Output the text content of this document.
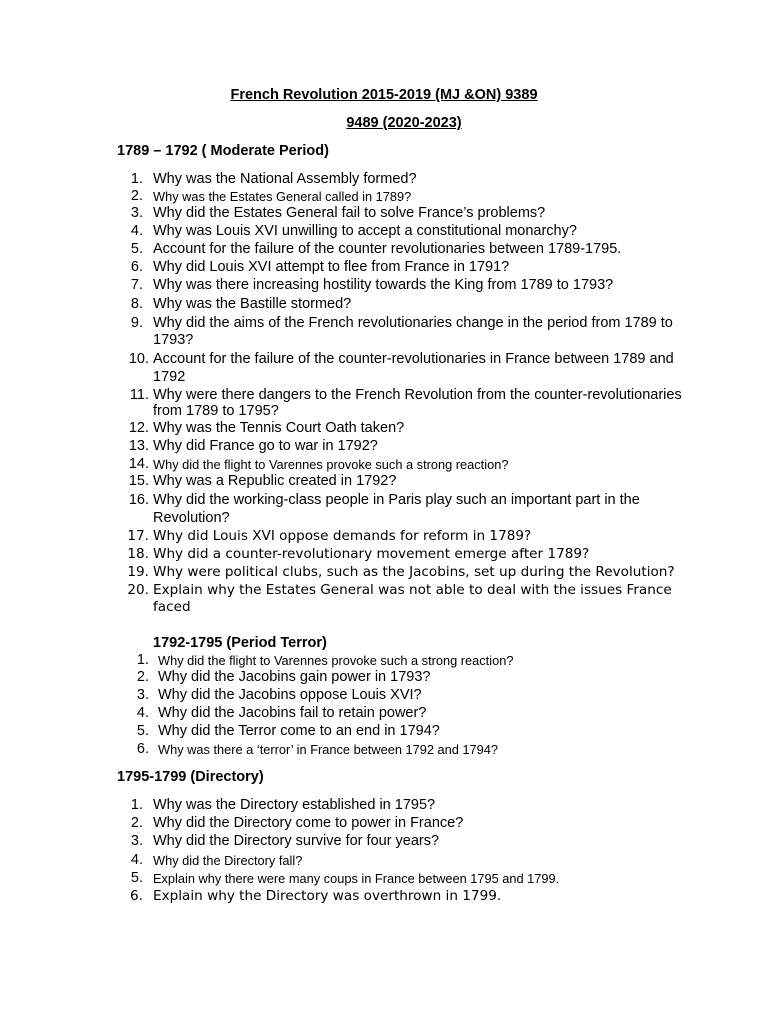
French Revolution 2015-2019 (MJ &ON) 9389
9489 (2020-2023)
1789 – 1792 ( Moderate Period)
1. Why was the National Assembly formed?
2. Why was the Estates General called in 1789?
3. Why did the Estates General fail to solve France’s problems?
4. Why was Louis XVI unwilling to accept a constitutional monarchy?
5. Account for the failure of the counter revolutionaries between 1789-1795.
6. Why did Louis XVI attempt to flee from France in 1791?
7. Why was there increasing hostility towards the King from 1789 to 1793?
8. Why was the Bastille stormed?
9. Why did the aims of the French revolutionaries change in the period from 1789 to
1793?
10. Account for the failure of the counter-revolutionaries in France between 1789 and
1792
11. Why were there dangers to the French Revolution from the counter-revolutionaries
from 1789 to 1795?
12. Why was the Tennis Court Oath taken?
13. Why did France go to war in 1792?
14. Why did the flight to Varennes provoke such a strong reaction?
15. Why was a Republic created in 1792?
16. Why did the working-class people in Paris play such an important part in the
Revolution?
17. Why did Louis XVI oppose demands for reform in 1789?
18. Why did a counter-revolutionary movement emerge after 1789?
19. Why were political clubs, such as the Jacobins, set up during the Revolution?
20. Explain why the Estates General was not able to deal with the issues France
faced
1792-1795 (Period Terror)
1. Why did the flight to Varennes provoke such a strong reaction?
2. Why did the Jacobins gain power in 1793?
3. Why did the Jacobins oppose Louis XVI?
4. Why did the Jacobins fail to retain power?
5. Why did the Terror come to an end in 1794?
6. Why was there a ‘terror’ in France between 1792 and 1794?
1795-1799 (Directory)
1. Why was the Directory established in 1795?
2. Why did the Directory come to power in France?
3. Why did the Directory survive for four years?
4. Why did the Directory fall?
5. Explain why there were many coups in France between 1795 and 1799.
6. Explain why the Directory was overthrown in 1799.
